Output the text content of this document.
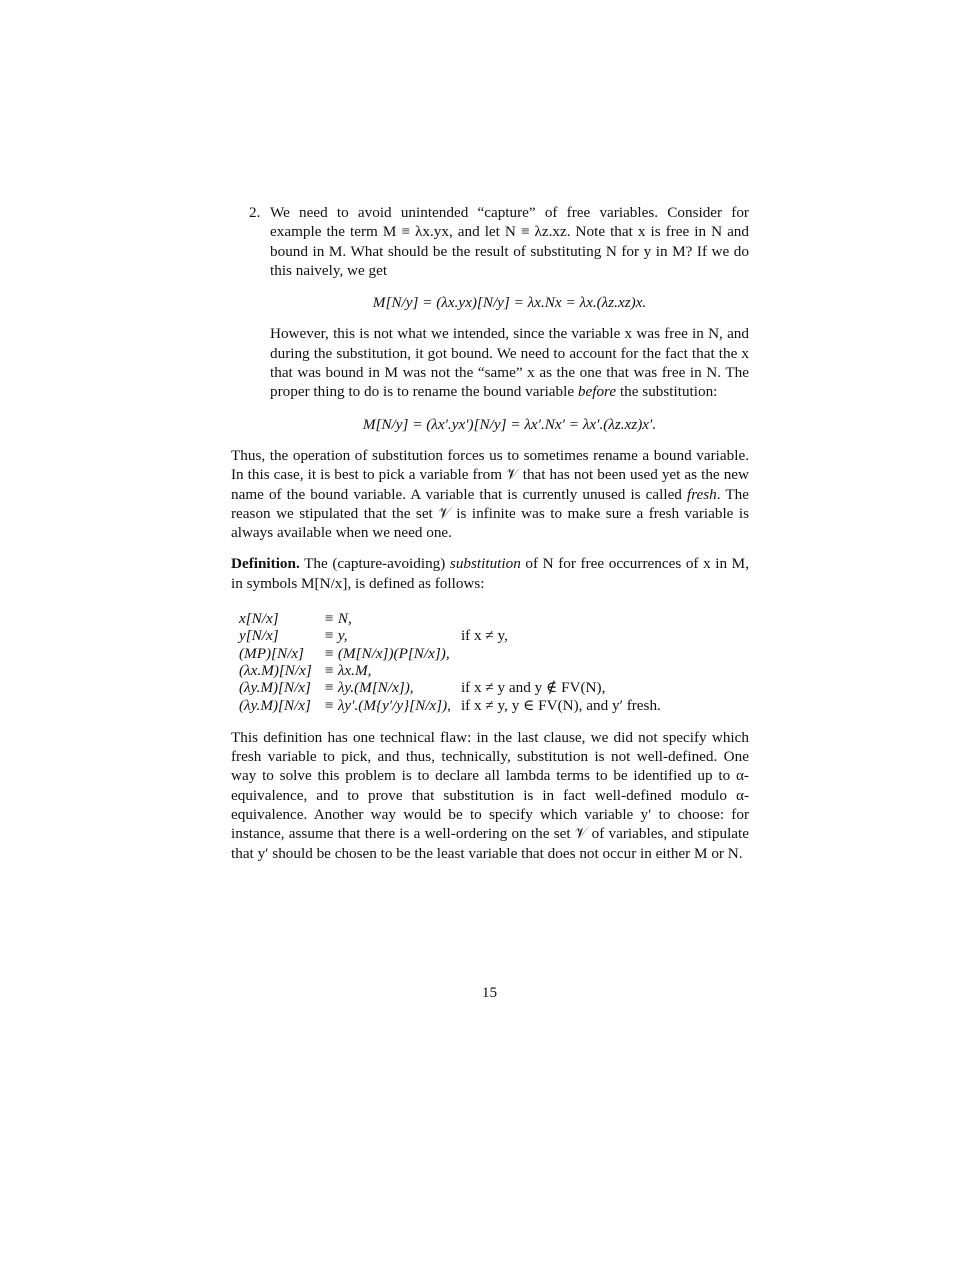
2. We need to avoid unintended “capture” of free variables. Consider for example the term M ≡ λx.yx, and let N ≡ λz.xz. Note that x is free in N and bound in M. What should be the result of substituting N for y in M? If we do this naively, we get

M[N/y] = (λx.yx)[N/y] = λx.Nx = λx.(λz.xz)x.

However, this is not what we intended, since the variable x was free in N, and during the substitution, it got bound. We need to account for the fact that the x that was bound in M was not the “same” x as the one that was free in N. The proper thing to do is to rename the bound variable before the substitution:

M[N/y] = (λx′.yx′)[N/y] = λx′.Nx′ = λx′.(λz.xz)x′.

Thus, the operation of substitution forces us to sometimes rename a bound variable. In this case, it is best to pick a variable from 𝒱 that has not been used yet as the new name of the bound variable. A variable that is currently unused is called fresh. The reason we stipulated that the set 𝒱 is infinite was to make sure a fresh variable is always available when we need one.

Definition. The (capture-avoiding) substitution of N for free occurrences of x in M, in symbols M[N/x], is defined as follows:

x[N/x]	≡ N,	
y[N/x]	≡ y,	if x ≠ y,
(MP)[N/x]	≡ (M[N/x])(P[N/x]),	
(λx.M)[N/x]	≡ λx.M,	
(λy.M)[N/x]	≡ λy.(M[N/x]),	if x ≠ y and y ∉ FV(N),
(λy.M)[N/x]	≡ λy′.(M{y′/y}[N/x]),	if x ≠ y, y ∈ FV(N), and y′ fresh.

This definition has one technical flaw: in the last clause, we did not specify which fresh variable to pick, and thus, technically, substitution is not well-defined. One way to solve this problem is to declare all lambda terms to be identified up to α-equivalence, and to prove that substitution is in fact well-defined modulo α-equivalence. Another way would be to specify which variable y′ to choose: for instance, assume that there is a well-ordering on the set 𝒱 of variables, and stipulate that y′ should be chosen to be the least variable that does not occur in either M or N.

15
